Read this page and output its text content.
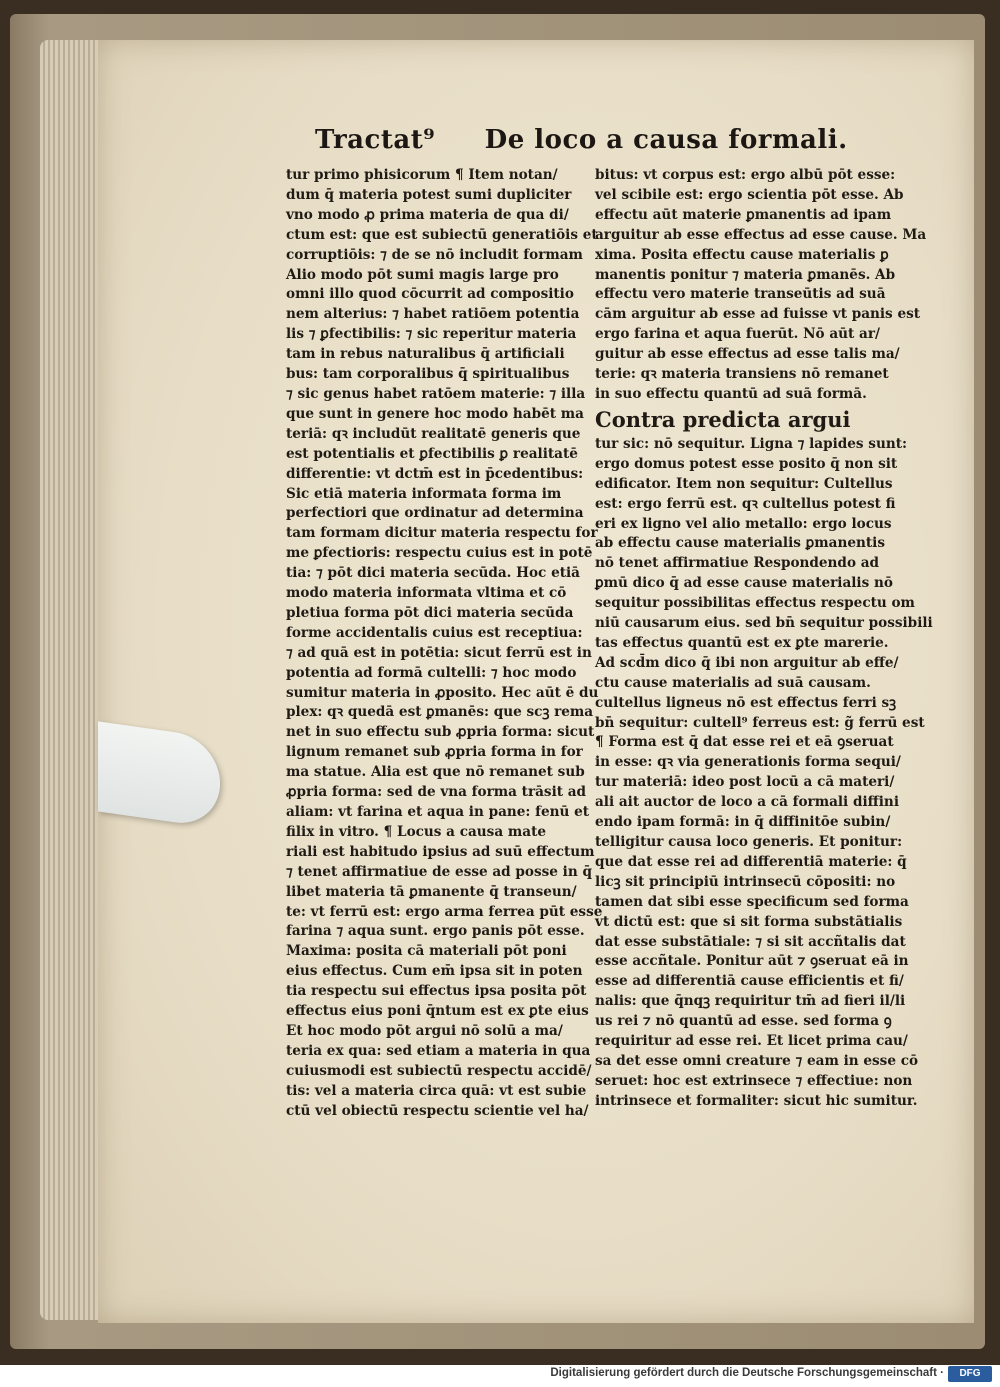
Tractat⁹ De loco a causa formali.
tur primo phisicorum ¶ Item notan/
dum q̄ materia potest sumi dupliciter
vno modo ꝓ prima materia de qua di/
ctum est: que est subiectū generatiōis et
corruptiōis: ⁊ de se nō includit formam
Alio modo pōt sumi magis large pro
omni illo quod cōcurrit ad compositio
nem alterius: ⁊ habet ratiōem potentia
lis ⁊ ꝑfectibilis: ⁊ sic reperitur materia
tam in rebus naturalibus q̄ artificiali
bus: tam corporalibus q̄ spiritualibus
⁊ sic genus habet ratōem materie: ⁊ illa
que sunt in genere hoc modo habēt ma
teriā: qꝛ includūt realitatē generis que
est potentialis et ꝑfectibilis ꝑ realitatē
differentie: vt dctm̄ est in p̄cedentibus:
Sic etiā materia informata forma im
perfectiori que ordinatur ad determina
tam formam dicitur materia respectu for
me ꝑfectioris: respectu cuius est in potē
tia: ⁊ pōt dici materia secūda. Hoc etiā
modo materia informata vltima et cō
pletiua forma pōt dici materia secūda
forme accidentalis cuius est receptiua:
⁊ ad quā est in potētia: sicut ferrū est in
potentia ad formā cultelli: ⁊ hoc modo
sumitur materia in ꝓposito. Hec aūt ē du
plex: qꝛ quedā est ꝑmanēs: que scꝫ rema
net in suo effectu sub ꝓpria forma: sicut
lignum remanet sub ꝓpria forma in for
ma statue. Alia est que nō remanet sub
ꝓpria forma: sed de vna forma trāsit ad
aliam: vt farina et aqua in pane: fenū et
filix in vitro. ¶ Locus a causa mate
riali est habitudo ipsius ad suū effectum
⁊ tenet affirmatiue de esse ad posse in q̄
libet materia tā ꝑmanente q̄ transeun/
te: vt ferrū est: ergo arma ferrea pūt esse
farina ⁊ aqua sunt. ergo panis pōt esse.
Maxima: posita cā materiali pōt poni
eius effectus. Cum em̄ ipsa sit in poten
tia respectu sui effectus ipsa posita pōt
effectus eius poni q̄ntum est ex ꝑte eius
Et hoc modo pōt argui nō solū a ma/
teria ex qua: sed etiam a materia in qua
cuiusmodi est subiectū respectu accidē/
tis: vel a materia circa quā: vt est subie
ctū vel obiectū respectu scientie vel ha/
bitus: vt corpus est: ergo albū pōt esse:
vel scibile est: ergo scientia pōt esse. Ab
effectu aūt materie ꝑmanentis ad ipam
arguitur ab esse effectus ad esse cause. Ma
xima. Posita effectu cause materialis ꝑ
manentis ponitur ⁊ materia ꝑmanēs. Ab
effectu vero materie transeūtis ad suā
cām arguitur ab esse ad fuisse vt panis est
ergo farina et aqua fuerūt. Nō aūt ar/
guitur ab esse effectus ad esse talis ma/
terie: qꝛ materia transiens nō remanet
in suo effectu quantū ad suā formā.
Contra predicta argui
tur sic: nō sequitur. Ligna ⁊ lapides sunt:
ergo domus potest esse posito q̄ non sit
edificator. Item non sequitur: Cultellus
est: ergo ferrū est. qꝛ cultellus potest fi
eri ex ligno vel alio metallo: ergo locus
ab effectu cause materialis ꝑmanentis
nō tenet affirmatiue Respondendo ad
ꝑmū dico q̄ ad esse cause materialis nō
sequitur possibilitas effectus respectu om
niū causarum eius. sed bn̄ sequitur possibili
tas effectus quantū est ex ꝑte marerie.
Ad scd̄m dico q̄ ibi non arguitur ab effe/
ctu cause materialis ad suā causam.
cultellus ligneus nō est effectus ferri sꝫ
bn̄ sequitur: cultell⁹ ferreus est: g̃ ferrū est
¶ Forma est q̄ dat esse rei et eā ꝯseruat
in esse: qꝛ via generationis forma sequi/
tur materiā: ideo post locū a cā materi/
ali ait auctor de loco a cā formali diffini
endo ipam formā: in q̄ diffinitōe subin/
telligitur causa loco generis. Et ponitur:
que dat esse rei ad differentiā materie: q̄
licꝫ sit principiū intrinsecū cōpositi: no
tamen dat sibi esse specificum sed forma
vt dictū est: que si sit forma substātialis
dat esse substātiale: ⁊ si sit accñtalis dat
esse accñtale. Ponitur aūt ⁊ ꝯseruat eā in
esse ad differentiā cause efficientis et fi/
nalis: que q̄nqꝫ requiritur tm̄ ad fieri il/li
us rei ⁊ nō quantū ad esse. sed forma ꝯ
requiritur ad esse rei. Et licet prima cau/
sa det esse omni creature ⁊ eam in esse cō
seruet: hoc est extrinsece ⁊ effectiue: non
intrinsece et formaliter: sicut hic sumitur.
Digitalisierung gefördert durch die Deutsche Forschungsgemeinschaft ·	DFG
